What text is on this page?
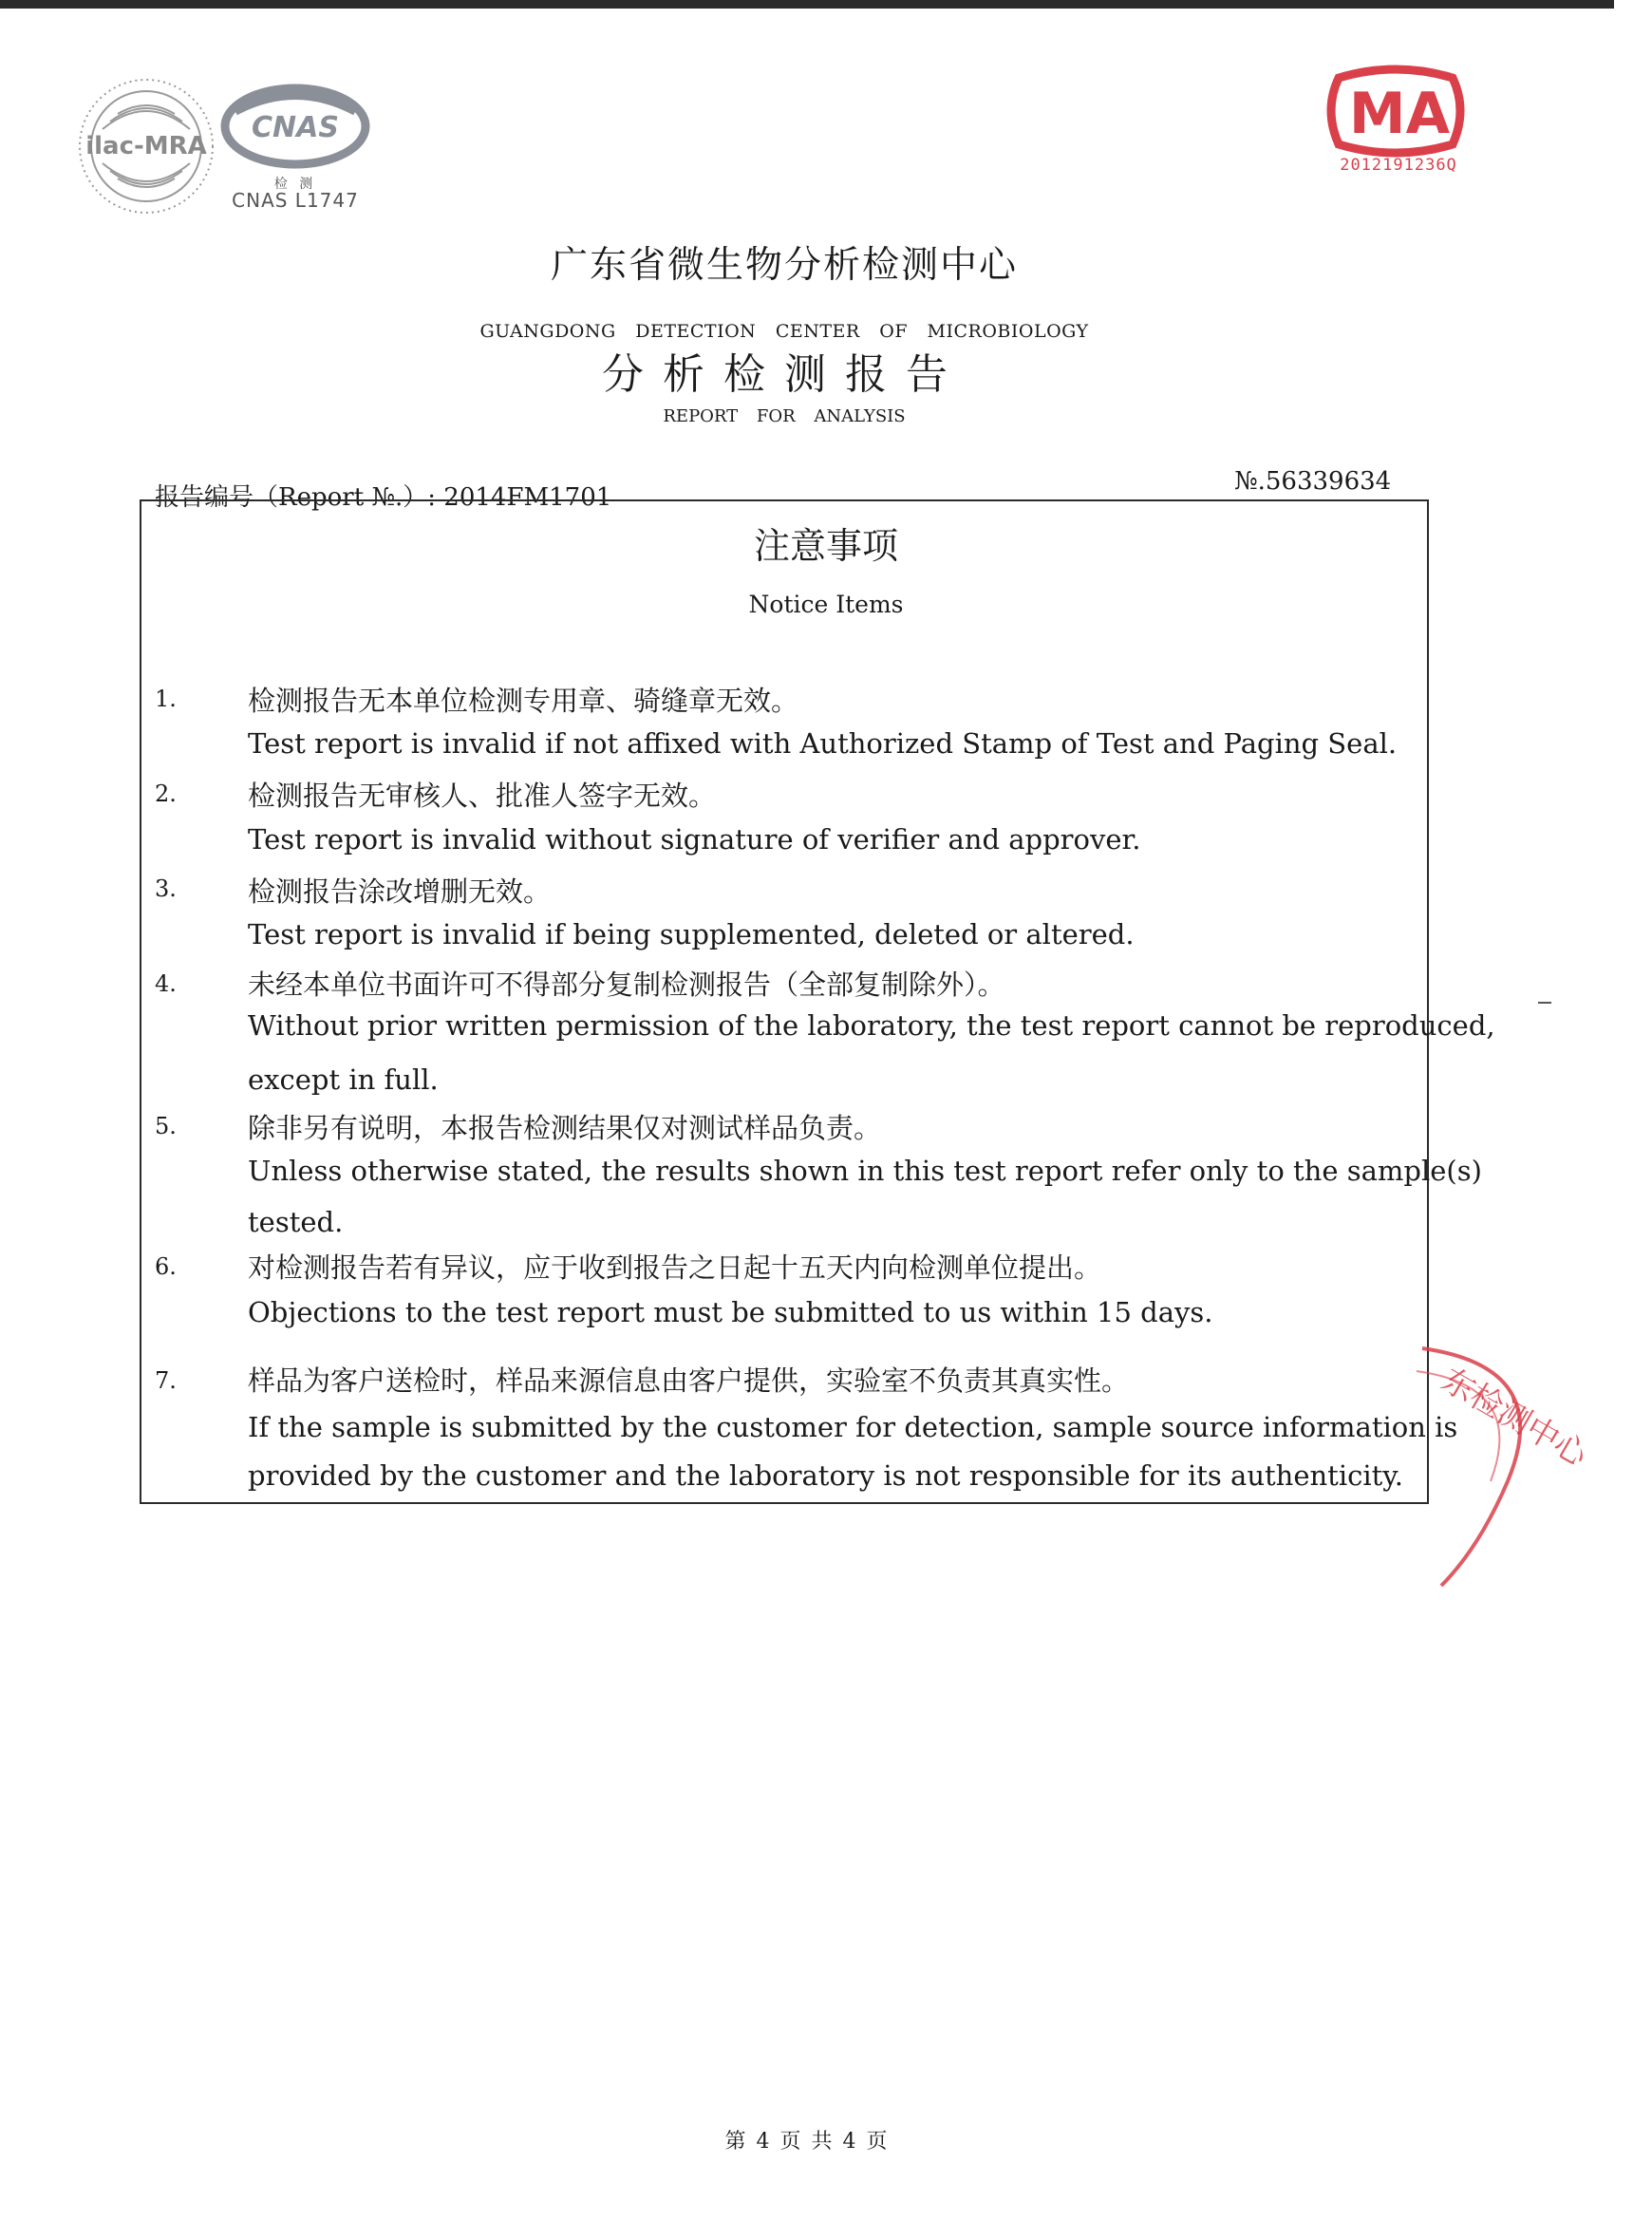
ilac-MRA
CNAS
检 测
CNAS L1747
MA
2012191236Q
广东省微生物分析检测中心
GUANGDONG DETECTION CENTER OF MICROBIOLOGY
分析检测报告
REPORT FOR ANALYSIS
报告编号（Report №.）: 2014FM1701
№.56339634
注意事项
Notice Items
1.	检测报告无本单位检测专用章、骑缝章无效。
Test report is invalid if not affixed with Authorized Stamp of Test and Paging Seal.
2.	检测报告无审核人、批准人签字无效。
Test report is invalid without signature of verifier and approver.
3.	检测报告涂改增删无效。
Test report is invalid if being supplemented, deleted or altered.
4.	未经本单位书面许可不得部分复制检测报告（全部复制除外）。
Without prior written permission of the laboratory, the test report cannot be reproduced,
except in full.
5.	除非另有说明，本报告检测结果仅对测试样品负责。
Unless otherwise stated, the results shown in this test report refer only to the sample(s)
tested.
6.	对检测报告若有异议，应于收到报告之日起十五天内向检测单位提出。
Objections to the test report must be submitted to us within 15 days.
7.	样品为客户送检时，样品来源信息由客户提供，实验室不负责其真实性。
If the sample is submitted by the customer for detection, sample source information is
provided by the customer and the laboratory is not responsible for its authenticity.
东检测中心
第 4 页 共 4 页
